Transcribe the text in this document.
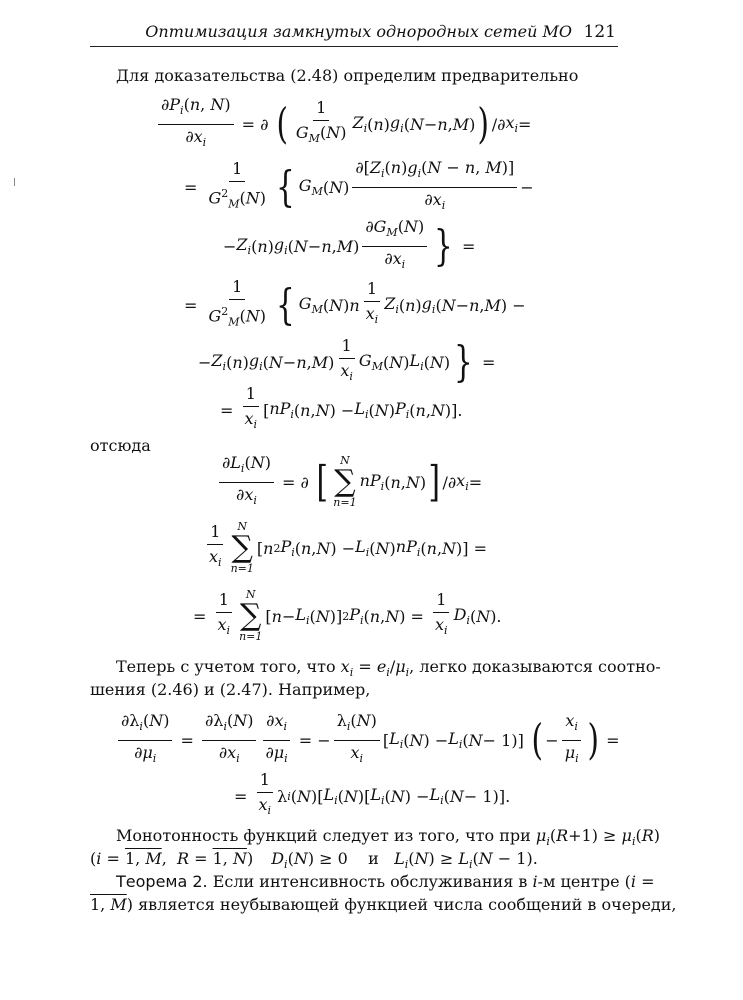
Оптимизация замкнутых однородных сетей МО 121
Для доказательства (2.48) определим предварительно
$\frac{\partial P_i(n, N)}{\partial x_i}$ = ∂ ( $\frac{1}{G_M(N)} Z_i$ ( n ) $g_i$ ( N − n , M ) ) /∂ $x_i$ =
= $\frac{1}{G^2_M(N)}$ { $G_M$ ( N ) $\frac{\partial[Z_i(n)g_i(N - n, M)]}{\partial x_i}$ −
− $Z_i$ ( n ) $g_i$ ( N − n , M ) $\frac{\partial G_M(N)}{\partial x_i}$ } =
= $\frac{1}{G^2_M(N)}$ { $G_M$ ( N ) n $\frac{1}{x_i} Z_i$ ( n ) $g_i$ ( N − n , M ) −
− $Z_i$ ( n ) $g_i$ ( N − n , M ) $\frac{1}{x_i} G_M$ ( N ) $L_i$ ( N ) } =
= $\frac{1}{x_i}$ [ $nP_i$ ( n , N ) − $L_i$ ( N ) $P_i$ ( n , N )].
отсюда
$\frac{\partial L_i(N)}{\partial x_i}$ = ∂ [ N
∑
n=1
$nP_i$ ( n , N ) ] /∂ $x_i$ =
$\frac{1}{x_i}$ N
∑
n=1
[ n 2 $P_i$ ( n , N ) − $L_i$ ( N ) $nP_i$ ( n , N )] =
= $\frac{1}{x_i}$ N
∑
n=1
[ $n - L_i$ ( N )] 2 $P_i$ ( n , N ) = $\frac{1}{x_i} D_i$ ( N ).
Теперь с учетом того, что $x_i = e_i/\mu_i$, легко доказываются соотно-
шения (2.46) и (2.47). Например,
$\frac{\partial\lambda_i(N)}{\partial\mu_i} = \frac{\partial\lambda_i(N)}{\partial x_i} \frac{\partial x_i}{\partial\mu_i}$ = − $\frac{\lambda_i(N)}{x_i}$ [ $L_i$ ( N ) − $L_i$ ( N − 1)] ( − $\frac{x_i}{\mu_i}$ ) =
= $\frac{1}{x_i}$ λ i ( N )[ $L_i$ ( N )[ $L_i$ ( N ) − $L_i$ ( N − 1)].
Монотонность функций следует из того, что при $\mu_i(R+1) \ge \mu_i(R)$
(i = 1, M,  R = 1, N) $D_i(N) \ge 0$    и   $L_i(N) \ge L_i(N - 1)$.
Теорема 2. Если интенсивность обслуживания в i-м центре (i =
1, M) является неубывающей функцией числа сообщений в очереди,
